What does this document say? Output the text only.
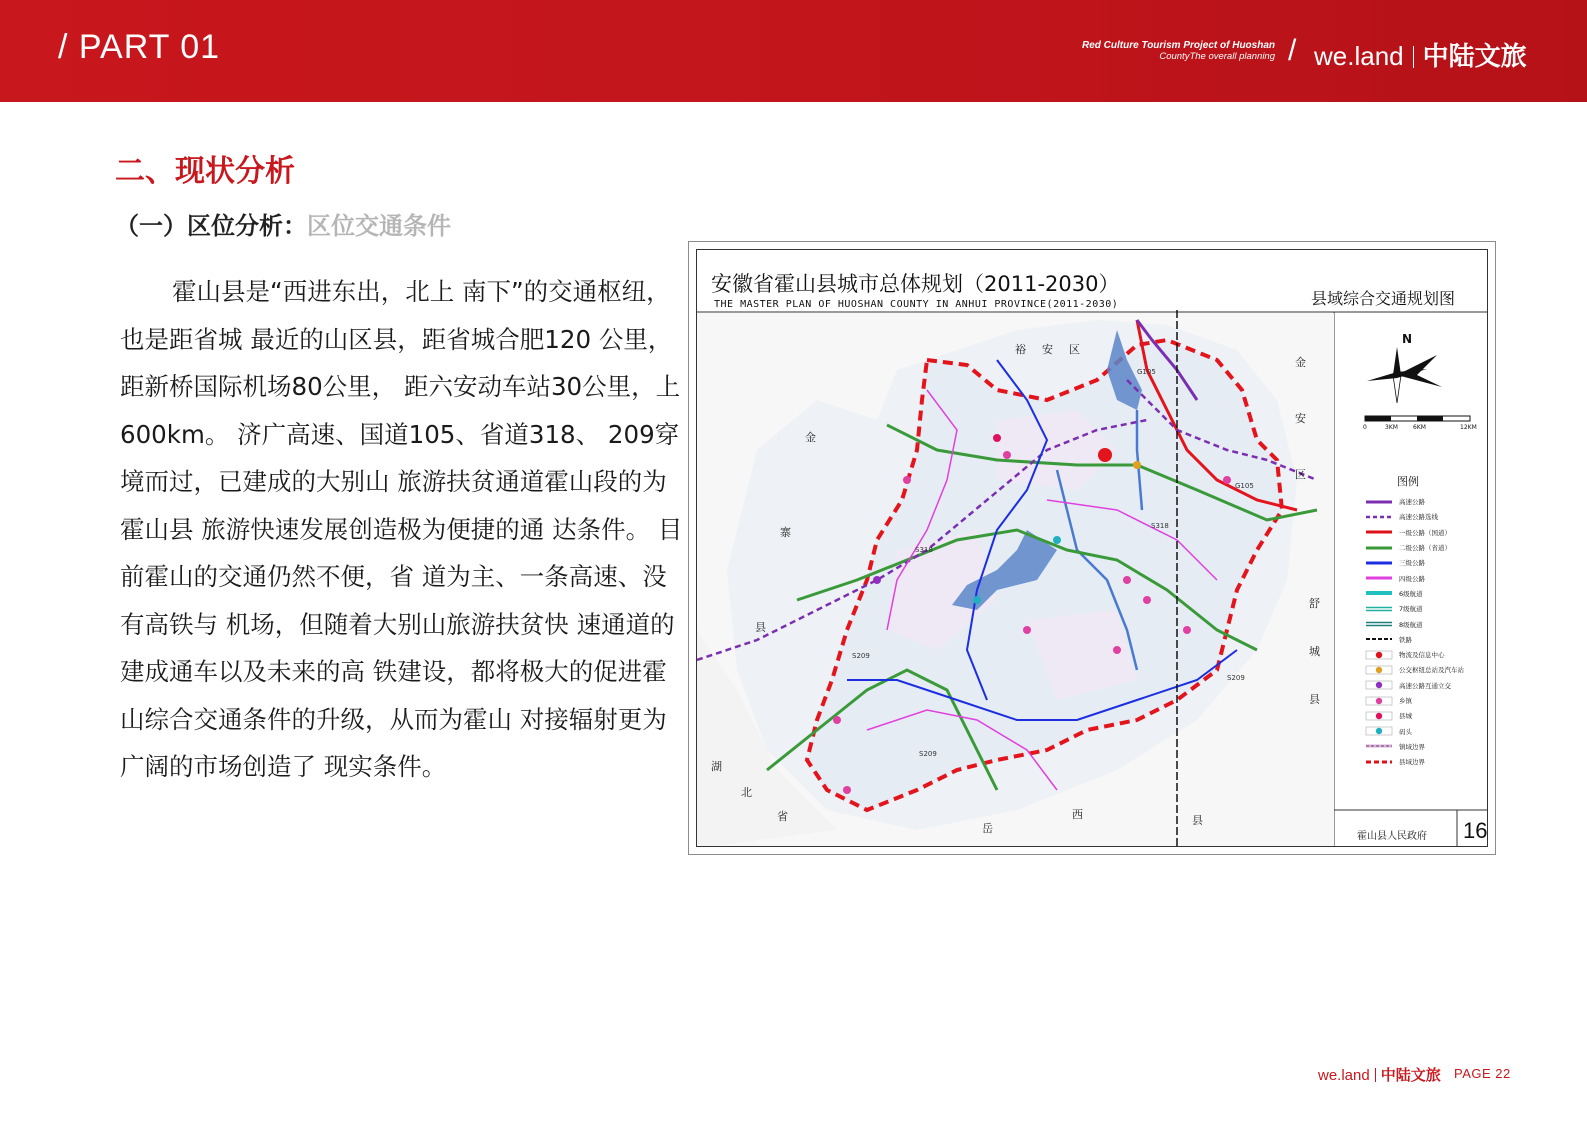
/ PART 01	Red Culture Tourism Project of Huoshan
CountyThe overall planning / we.land 中陆文旅
二、现状分析
（一）区位分析：区位交通条件
霍山县是“西进东出，北上 南下”的交通枢纽，也是距省城 最近的山区县，距省城合肥120 公里，距新桥国际机场80公里， 距六安动车站30公里，上600km。 济广高速、国道105、省道318、 209穿境而过，已建成的大别山 旅游扶贫通道霍山段的为霍山县 旅游快速发展创造极为便捷的通 达条件。 目前霍山的交通仍然不便，省 道为主、一条高速、没有高铁与 机场，但随着大别山旅游扶贫快 速通道的建成通车以及未来的高 铁建设，都将极大的促进霍山综合交通条件的升级，从而为霍山 对接辐射更为广阔的市场创造了 现实条件。
安徽省霍山县城市总体规划（2011-2030）
THE MASTER PLAN OF HUOSHAN COUNTY IN ANHUI PROVINCE(2011-2030)	县域综合交通规划图
N
0	3KM	6KM	12KM
裕安区
金
安
区
金
寨
县
舒
城
县
湖
北
省
岳
西	县
G105
S318
S209
S209
G105
S318
S209
图例
高速公路
高速公路选线
一级公路（国道）
二级公路（省道）
三级公路
四级公路
6级航道
7级航道
8级航道
铁路
物流及信息中心
公交枢纽总站及汽车站
高速公路互通立交
乡镇
县城
码头
镇域边界
县域边界
霍山县人民政府 16
we.land 中陆文旅 PAGE 22
